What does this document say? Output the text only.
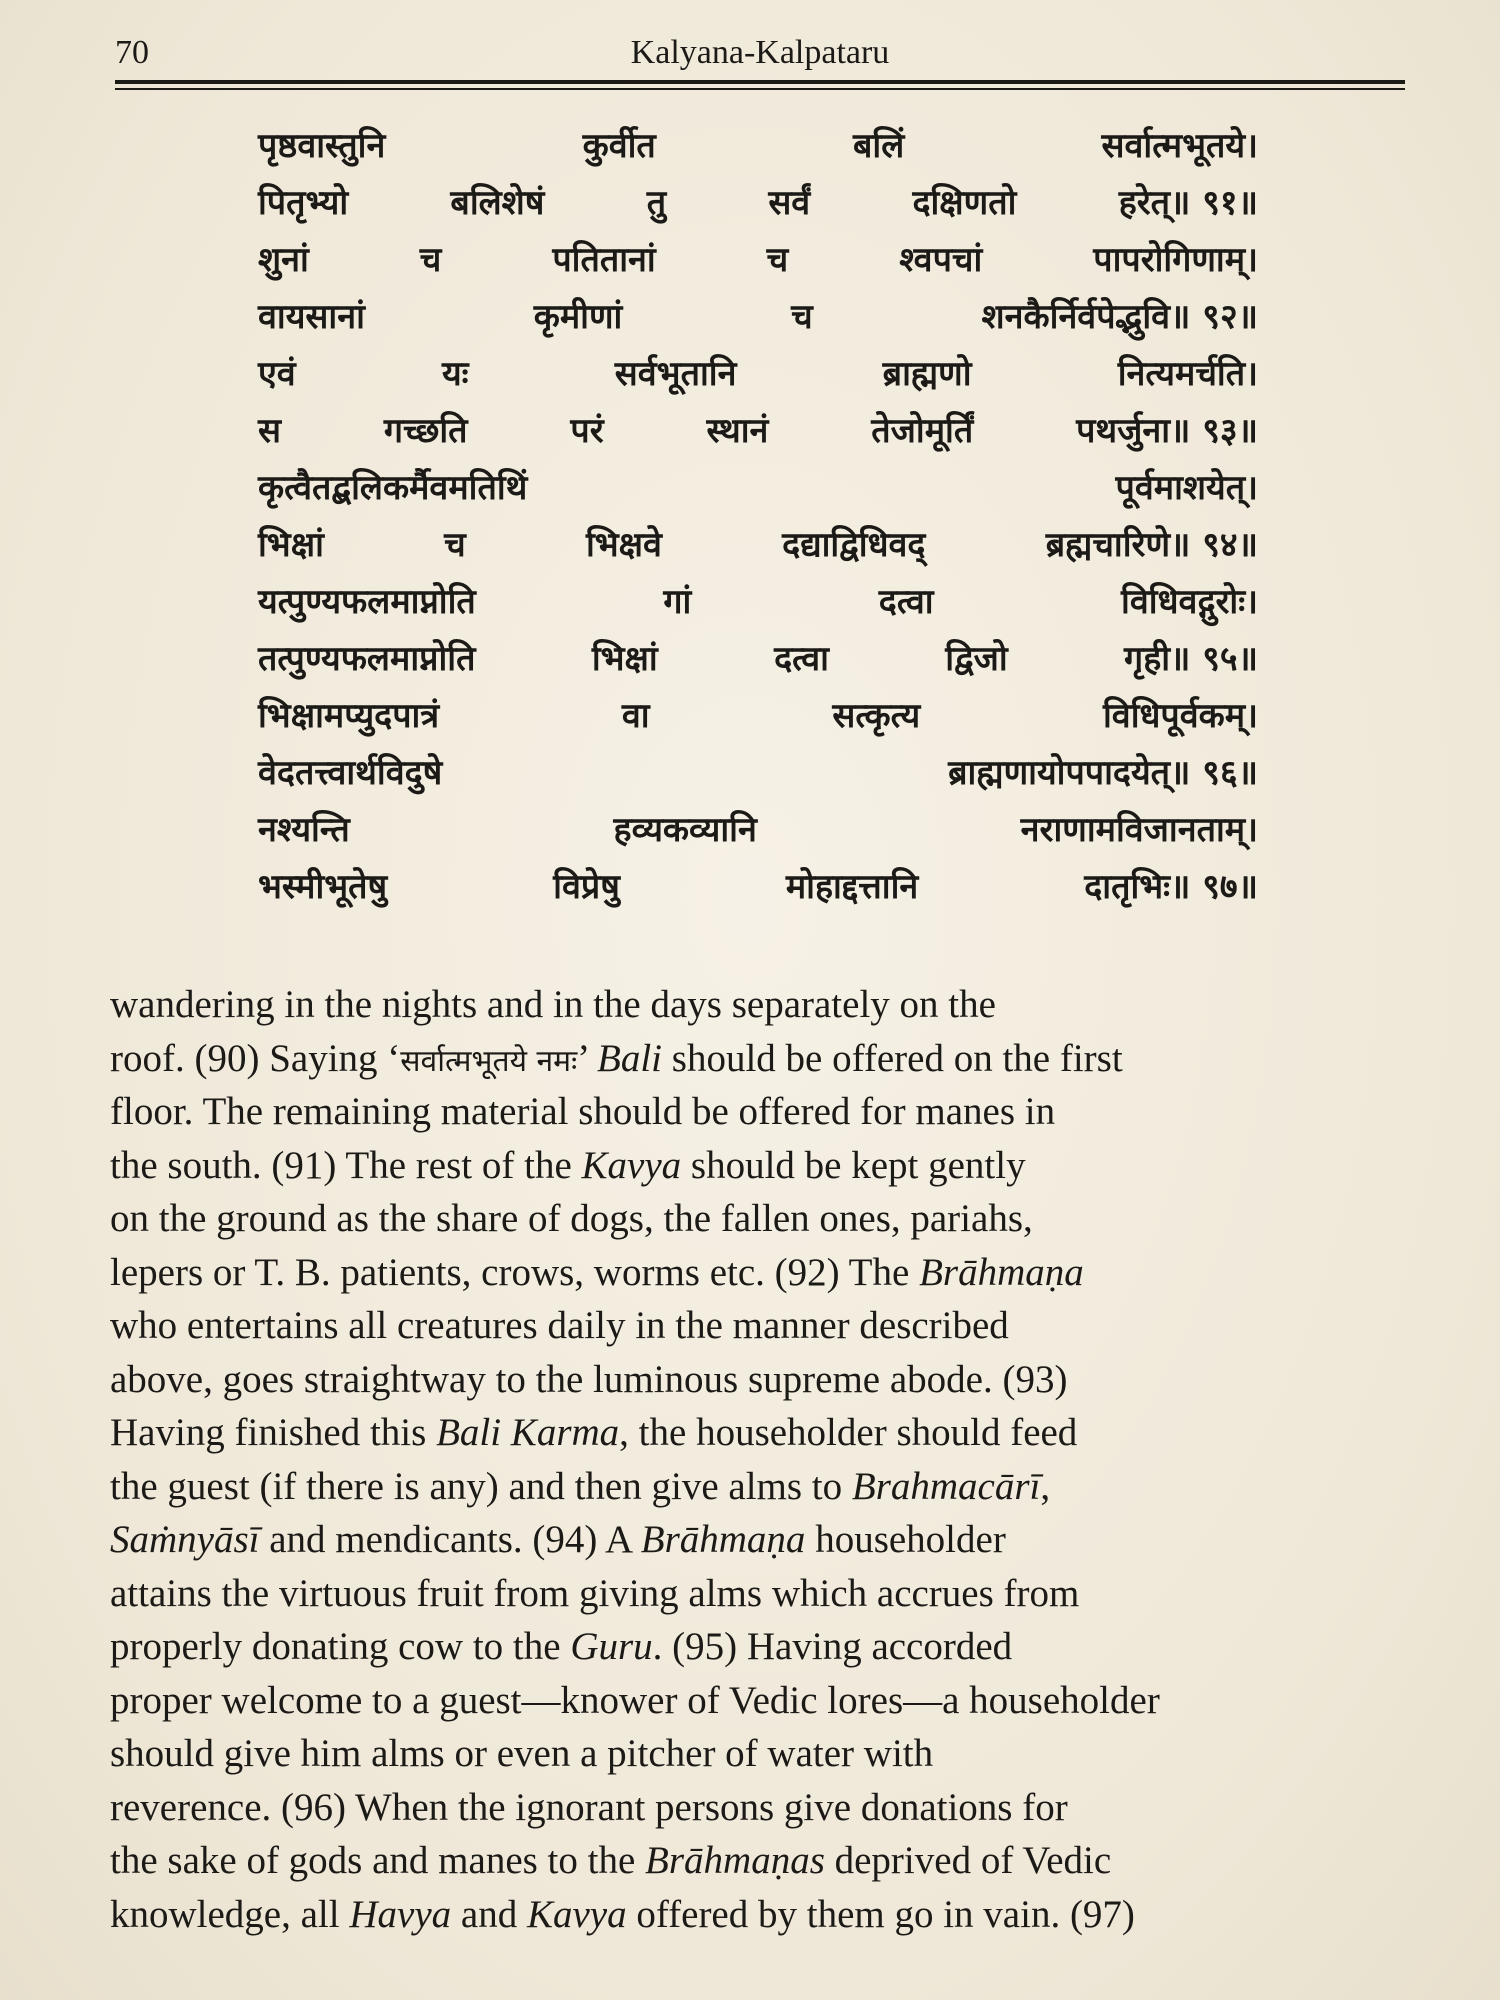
70	Kalyana-Kalpataru
पृष्ठवास्तुनि	कुर्वीत	बलिं	सर्वात्मभूतये।
पितृभ्यो	बलिशेषं	तु	सर्वं	दक्षिणतो	हरेत्॥ ९१॥
शुनां	च	पतितानां	च	श्वपचां	पापरोगिणाम्।
वायसानां	कृमीणां	च	शनकैर्निर्वपेद्भुवि॥ ९२॥
एवं	यः	सर्वभूतानि	ब्राह्मणो	नित्यमर्चति।
स	गच्छति	परं	स्थानं	तेजोमूर्तिं	पथर्जुना॥ ९३॥
कृत्वैतद्बलिकर्मैवमतिथिं	पूर्वमाशयेत्।
भिक्षां	च	भिक्षवे	दद्याद्विधिवद्	ब्रह्मचारिणे॥ ९४॥
यत्पुण्यफलमाप्नोति	गां	दत्वा	विधिवद्गुरोः।
तत्पुण्यफलमाप्नोति	भिक्षां	दत्वा	द्विजो	गृही॥ ९५॥
भिक्षामप्युदपात्रं	वा	सत्कृत्य	विधिपूर्वकम्।
वेदतत्त्वार्थविदुषे	ब्राह्मणायोपपादयेत्॥ ९६॥
नश्यन्ति	हव्यकव्यानि	नराणामविजानताम्।
भस्मीभूतेषु	विप्रेषु	मोहाद्दत्तानि	दातृभिः॥ ९७॥
wandering in the nights and in the days separately on the
roof. (90) Saying ‘सर्वात्मभूतये नमः’ Bali should be offered on the first
floor. The remaining material should be offered for manes in
the south. (91) The rest of the Kavya should be kept gently
on the ground as the share of dogs, the fallen ones, pariahs,
lepers or T. B. patients, crows, worms etc. (92) The Brāhmaṇa
who entertains all creatures daily in the manner described
above, goes straightway to the luminous supreme abode. (93)
Having finished this Bali Karma, the householder should feed
the guest (if there is any) and then give alms to Brahmacārī,
Saṁnyāsī and mendicants. (94) A Brāhmaṇa householder
attains the virtuous fruit from giving alms which accrues from
properly donating cow to the Guru. (95) Having accorded
proper welcome to a guest—knower of Vedic lores—a householder
should give him alms or even a pitcher of water with
reverence. (96) When the ignorant persons give donations for
the sake of gods and manes to the Brāhmaṇas deprived of Vedic
knowledge, all Havya and Kavya offered by them go in vain. (97)
